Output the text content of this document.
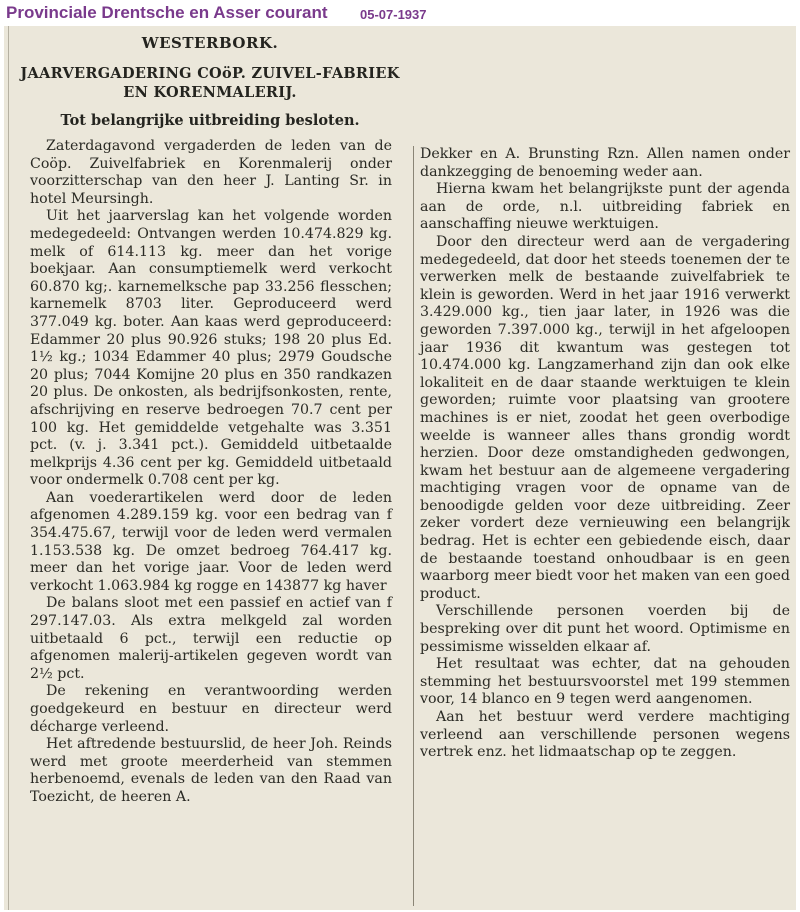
Provinciale Drentsche en Asser courant 05-07-1937
WESTERBORK.
JAARVERGADERING COöP. ZUIVEL-FABRIEK EN KORENMALERIJ.
Tot belangrijke uitbreiding besloten.

Zaterdagavond vergaderden de leden van de Coöp. Zuivelfabriek en Korenmalerij onder voorzitterschap van den heer J. Lanting Sr. in hotel Meursingh.

Uit het jaarverslag kan het volgende worden medegedeeld: Ontvangen werden 10.474.829 kg. melk of 614.113 kg. meer dan het vorige boekjaar. Aan consumptiemelk werd verkocht 60.870 kg;. karnemelksche pap 33.256 flesschen; karnemelk 8703 liter. Geproduceerd werd 377.049 kg. boter. Aan kaas werd geproduceerd: Edammer 20 plus 90.926 stuks; 198 20 plus Ed. 1½ kg.; 1034 Edammer 40 plus; 2979 Goudsche 20 plus; 7044 Komijne 20 plus en 350 randkazen 20 plus. De onkosten, als bedrijfsonkosten, rente, afschrijving en reserve bedroegen 70.7 cent per 100 kg. Het gemiddelde vetgehalte was 3.351 pct. (v. j. 3.341 pct.). Gemiddeld uitbetaalde melkprijs 4.36 cent per kg. Gemiddeld uitbetaald voor ondermelk 0.708 cent per kg.

Aan voederartikelen werd door de leden afgenomen 4.289.159 kg. voor een bedrag van f 354.475.67, terwijl voor de leden werd vermalen 1.153.538 kg. De omzet bedroeg 764.417 kg. meer dan het vorige jaar. Voor de leden werd verkocht 1.063.984 kg rogge en 143877 kg haver

De balans sloot met een passief en actief van f 297.147.03. Als extra melkgeld zal worden uitbetaald 6 pct., terwijl een reductie op afgenomen malerij-artikelen gegeven wordt van 2½ pct.

De rekening en verantwoording werden goedgekeurd en bestuur en directeur werd décharge verleend.

Het aftredende bestuurslid, de heer Joh. Reinds werd met groote meerderheid van stemmen herbenoemd, evenals de leden van den Raad van Toezicht, de heeren A.

Dekker en A. Brunsting Rzn. Allen namen onder dankzegging de benoeming weder aan.

Hierna kwam het belangrijkste punt der agenda aan de orde, n.l. uitbreiding fabriek en aanschaffing nieuwe werktuigen.

Door den directeur werd aan de vergadering medegedeeld, dat door het steeds toenemen der te verwerken melk de bestaande zuivelfabriek te klein is geworden. Werd in het jaar 1916 verwerkt 3.429.000 kg., tien jaar later, in 1926 was die geworden 7.397.000 kg., terwijl in het afgeloopen jaar 1936 dit kwantum was gestegen tot 10.474.000 kg. Langzamerhand zijn dan ook elke lokaliteit en de daar staande werktuigen te klein geworden; ruimte voor plaatsing van grootere machines is er niet, zoodat het geen overbodige weelde is wanneer alles thans grondig wordt herzien. Door deze omstandigheden gedwongen, kwam het bestuur aan de algemeene vergadering machtiging vragen voor de opname van de benoodigde gelden voor deze uitbreiding. Zeer zeker vordert deze vernieuwing een belangrijk bedrag. Het is echter een gebiedende eisch, daar de bestaande toestand onhoudbaar is en geen waarborg meer biedt voor het maken van een goed product.

Verschillende personen voerden bij de bespreking over dit punt het woord. Optimisme en pessimisme wisselden elkaar af.

Het resultaat was echter, dat na gehouden stemming het bestuursvoorstel met 199 stemmen voor, 14 blanco en 9 tegen werd aangenomen.

Aan het bestuur werd verdere machtiging verleend aan verschillende personen wegens vertrek enz. het lidmaatschap op te zeggen.
